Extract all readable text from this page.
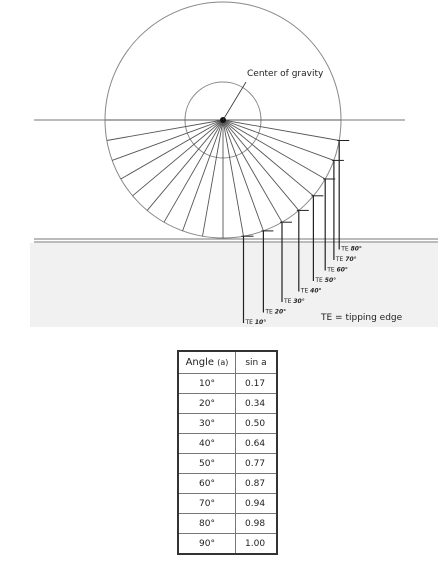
Center of gravity
TE 10°
TE 20°
TE 30°
TE 40°
TE 50°
TE 60°
TE 70°
TE 80°
TE = tipping edge
Angle (a)	sin a
10°	0.17
20°	0.34
30°	0.50
40°	0.64
50°	0.77
60°	0.87
70°	0.94
80°	0.98
90°	1.00
